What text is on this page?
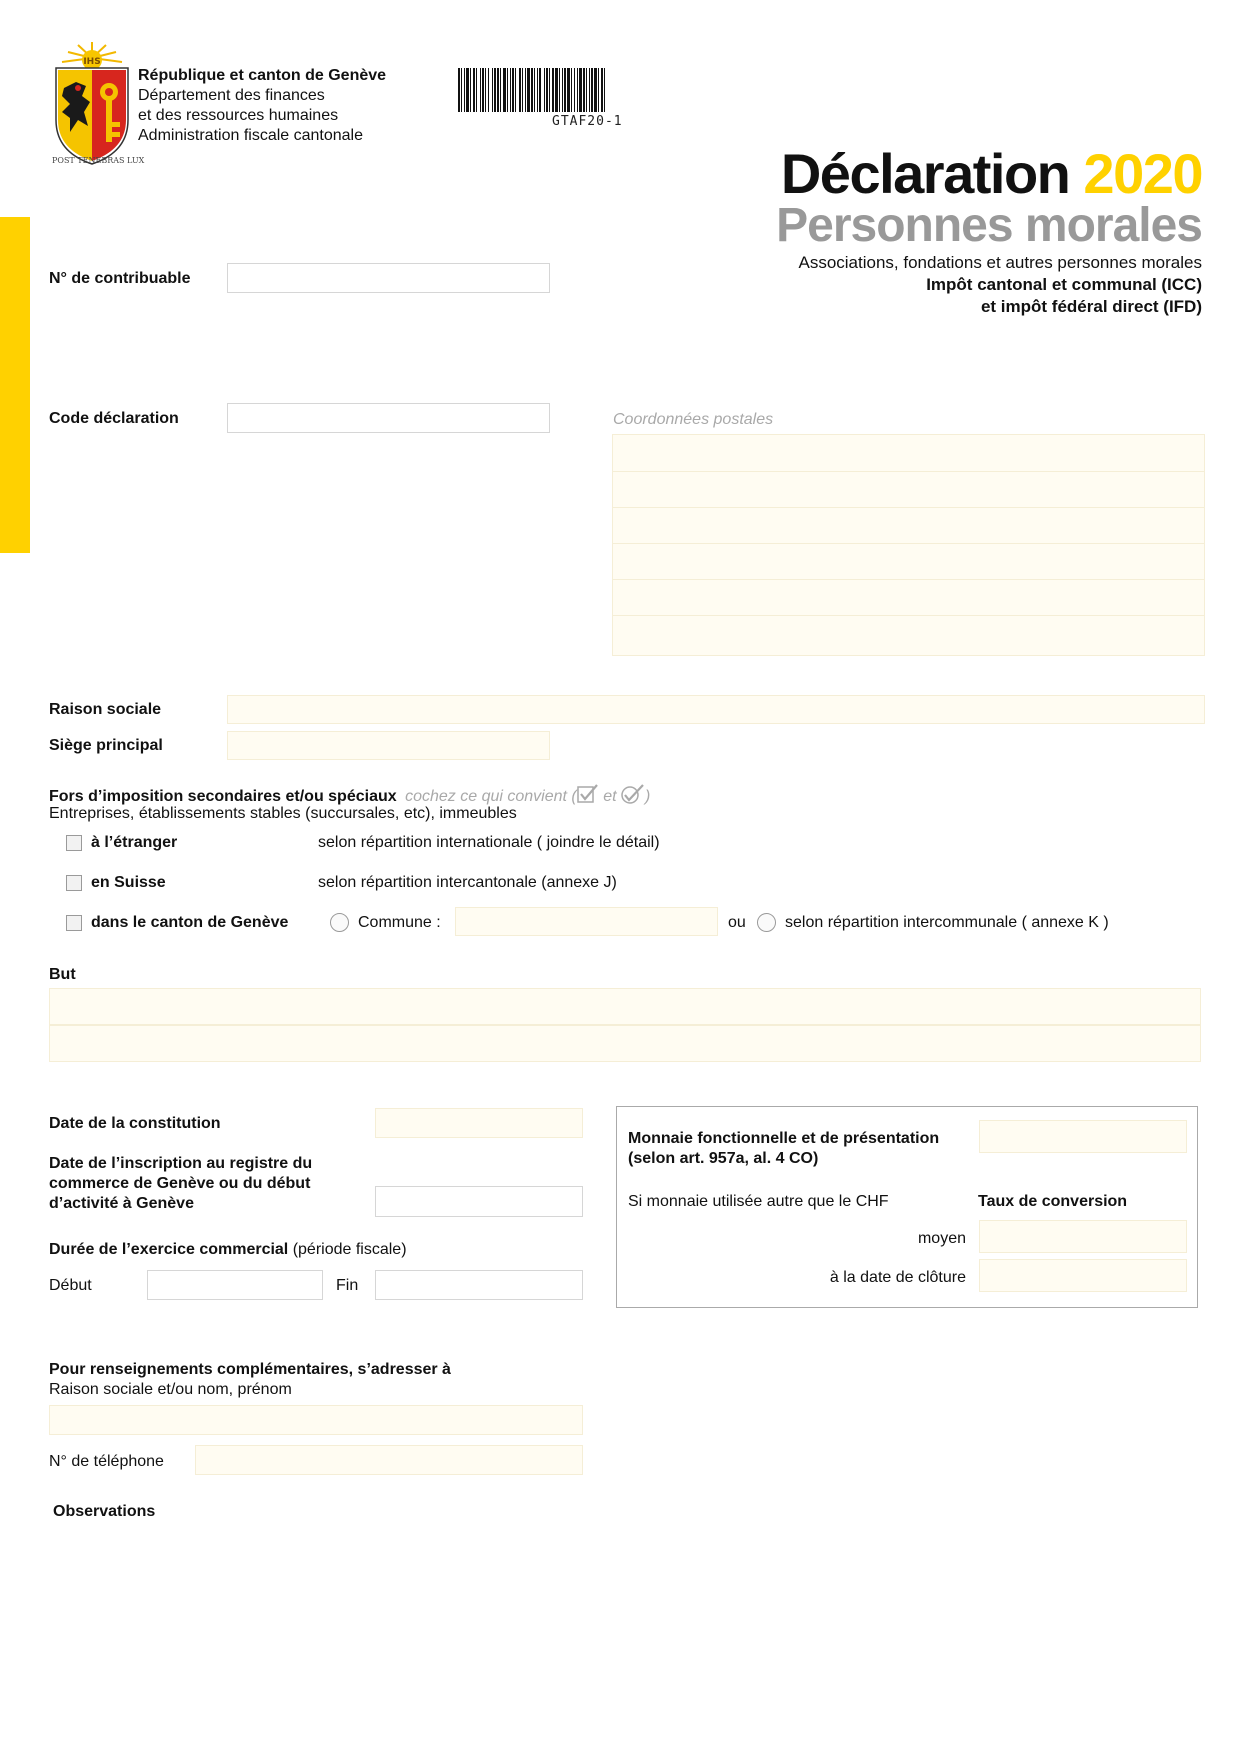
IHS
POST TENEBRAS LUX
République et canton de Genève
Département des finances
et des ressources humaines
Administration fiscale cantonale
GTAF20-1
Déclaration 2020
Personnes morales
Associations, fondations et autres personnes morales
Impôt cantonal et communal (ICC)
et impôt fédéral direct (IFD)
N° de contribuable
Code déclaration	Coordonnées postales
Raison sociale
Siège principal
Fors d’imposition secondaires et/ou spéciaux cochez ce qui convient ( et )
Entreprises, établissements stables (succursales, etc), immeubles
à l’étranger	selon répartition internationale ( joindre le détail)
en Suisse	selon répartition intercantonale (annexe J)
dans le canton de Genève	Commune :	ou selon répartition intercommunale ( annexe K )
But
Date de la constitution
Date de l’inscription au registre du
commerce de Genève ou du début
d’activité à Genève
Durée de l’exercice commercial (période fiscale)
Début	Fin
Monnaie fonctionnelle et de présentation
(selon art. 957a, al. 4 CO)
Si monnaie utilisée autre que le CHF	Taux de conversion
moyen
à la date de clôture
Pour renseignements complémentaires, s’adresser à
Raison sociale et/ou nom, prénom
N° de téléphone
Observations
